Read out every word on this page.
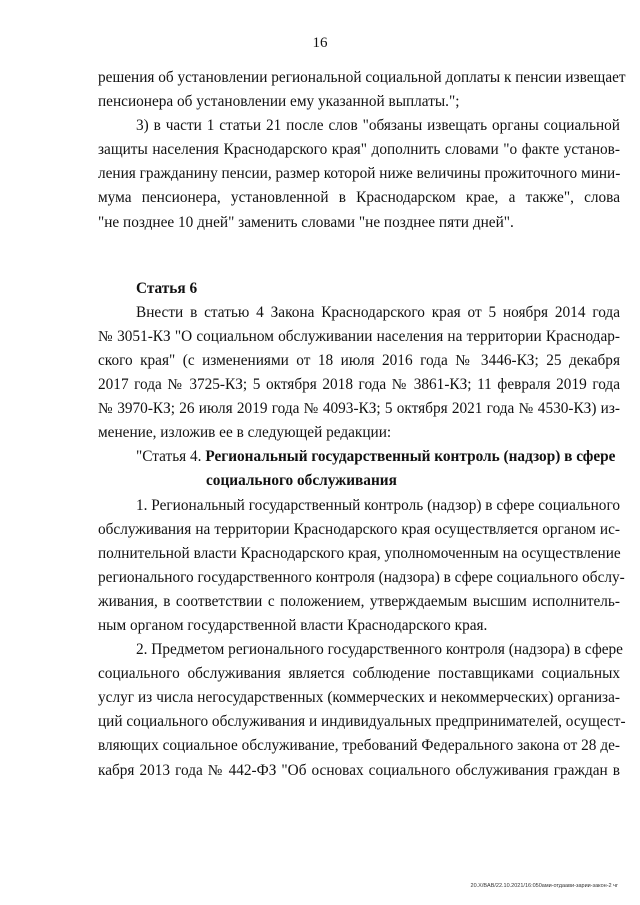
16

решения об установлении региональной социальной доплаты к пенсии извещает
пенсионера об установлении ему указанной выплаты.";

3) в части 1 статьи 21 после слов "обязаны извещать органы социальной
защиты населения Краснодарского края" дополнить словами "о факте установ-
ления гражданину пенсии, размер которой ниже величины прожиточного мини-
мума пенсионера, установленной в Краснодарском крае, а также", слова
"не позднее 10 дней" заменить словами "не позднее пяти дней".

Статья 6

Внести в статью 4 Закона Краснодарского края от 5 ноября 2014 года
№ 3051-КЗ "О социальном обслуживании населения на территории Краснодар-
ского края" (с изменениями от 18 июля 2016 года № 3446-КЗ; 25 декабря
2017 года № 3725-КЗ; 5 октября 2018 года № 3861-КЗ; 11 февраля 2019 года
№ 3970-КЗ; 26 июля 2019 года № 4093-КЗ; 5 октября 2021 года № 4530-КЗ) из-
менение, изложив ее в следующей редакции:

"Статья 4. Региональный государственный контроль (надзор) в сфере
социального обслуживания

1. Региональный государственный контроль (надзор) в сфере социального
обслуживания на территории Краснодарского края осуществляется органом ис-
полнительной власти Краснодарского края, уполномоченным на осуществление
регионального государственного контроля (надзора) в сфере социального обслу-
живания, в соответствии с положением, утверждаемым высшим исполнитель-
ным органом государственной власти Краснодарского края.

2. Предметом регионального государственного контроля (надзора) в сфере
социального обслуживания является соблюдение поставщиками социальных
услуг из числа негосударственных (коммерческих и некоммерческих) организа-
ций социального обслуживания и индивидуальных предпринимателей, осущест-
вляющих социальное обслуживание, требований Федерального закона от 28 де-
кабря 2013 года № 442-ФЗ "Об основах социального обслуживания граждан в

20.X/BAB/22.10.2021/16:050ами-отдаави-зарии-закон-2 чг
